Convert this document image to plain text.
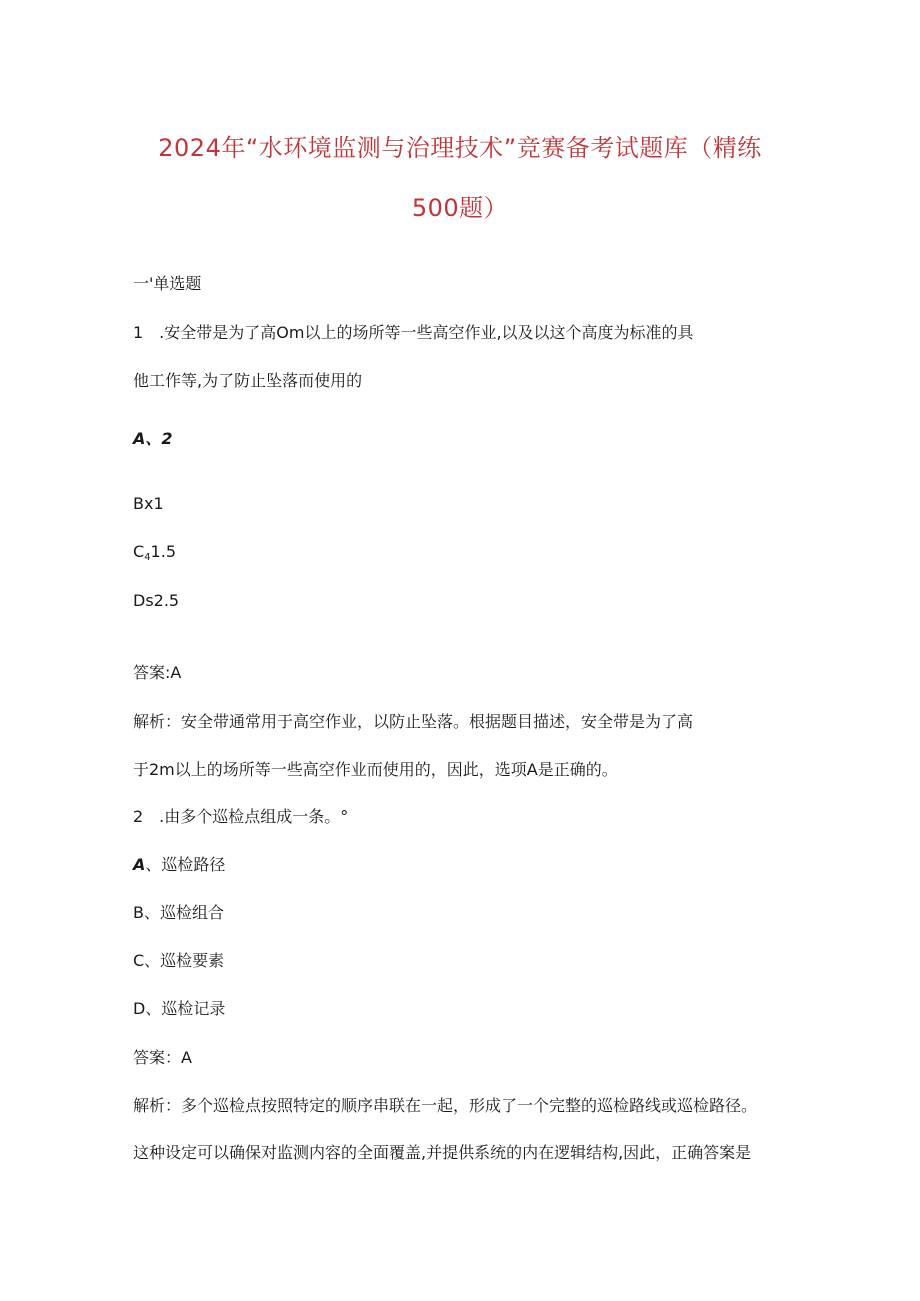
2024年“水环境监测与治理技术”竞赛备考试题库（精练
500题）
一'单选题
1　.安全带是为了高Om以上的场所等一些高空作业,以及以这个高度为标准的具
他工作等,为了防止坠落而使用的
A、2
Bx1
$C_41.5$
Ds2.5
答案:A
解析：安全带通常用于高空作业，以防止坠落。根据题目描述，安全带是为了高
于2m以上的场所等一些高空作业而使用的，因此，选项A是正确的。
2　.由多个巡检点组成一条。°
A、巡检路径
B、巡检组合
C、巡检要素
D、巡检记录
答案：A
解析：多个巡检点按照特定的顺序串联在一起，形成了一个完整的巡检路线或巡检路径。
这种设定可以确保对监测内容的全面覆盖,并提供系统的内在逻辑结构,因此，正确答案是
